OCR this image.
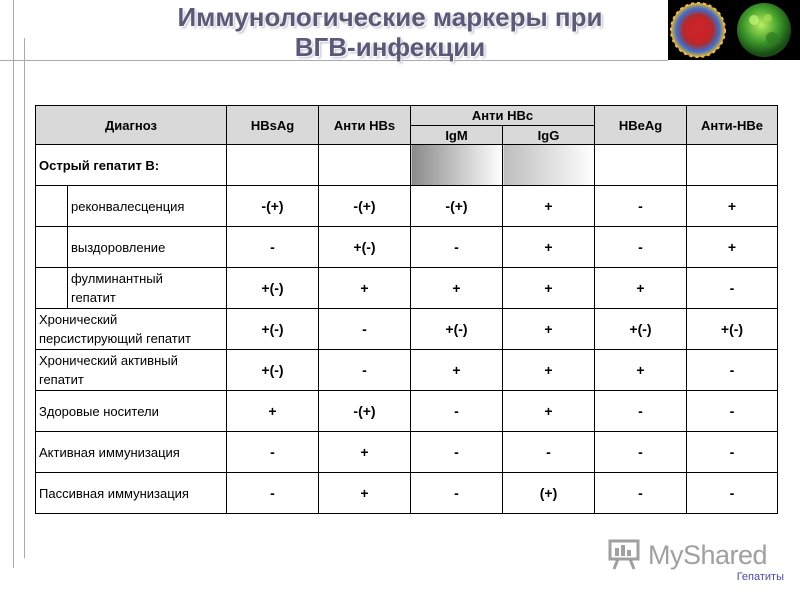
Иммунологические маркеры при
ВГВ-инфекции
Диагноз		HBsAg	Анти HBs	Анти HBc		HBeAg	Анти-HBe
				IgM	IgG		
Острый гепатит В:							
	реконвалесценция	-(+)	-(+)	-(+)	+	-	+
	выздоровление	-	+(-)	-	+	-	+

	фулминантный
гепатит	+(-)	+	+	+	+	-

Хронический
персистирующий гепатит		+(-)	-	+(-)	+	+(-)	+(-)

Хронический активный
гепатит		+(-)	-	+	+	+	-
Здоровые носители		+	-(+)	-	+	-	-
Активная иммунизация		-	+	-	-	-	-
Пассивная иммунизация		-	+	-	(+)	-	-
MyShared
Гепатиты
